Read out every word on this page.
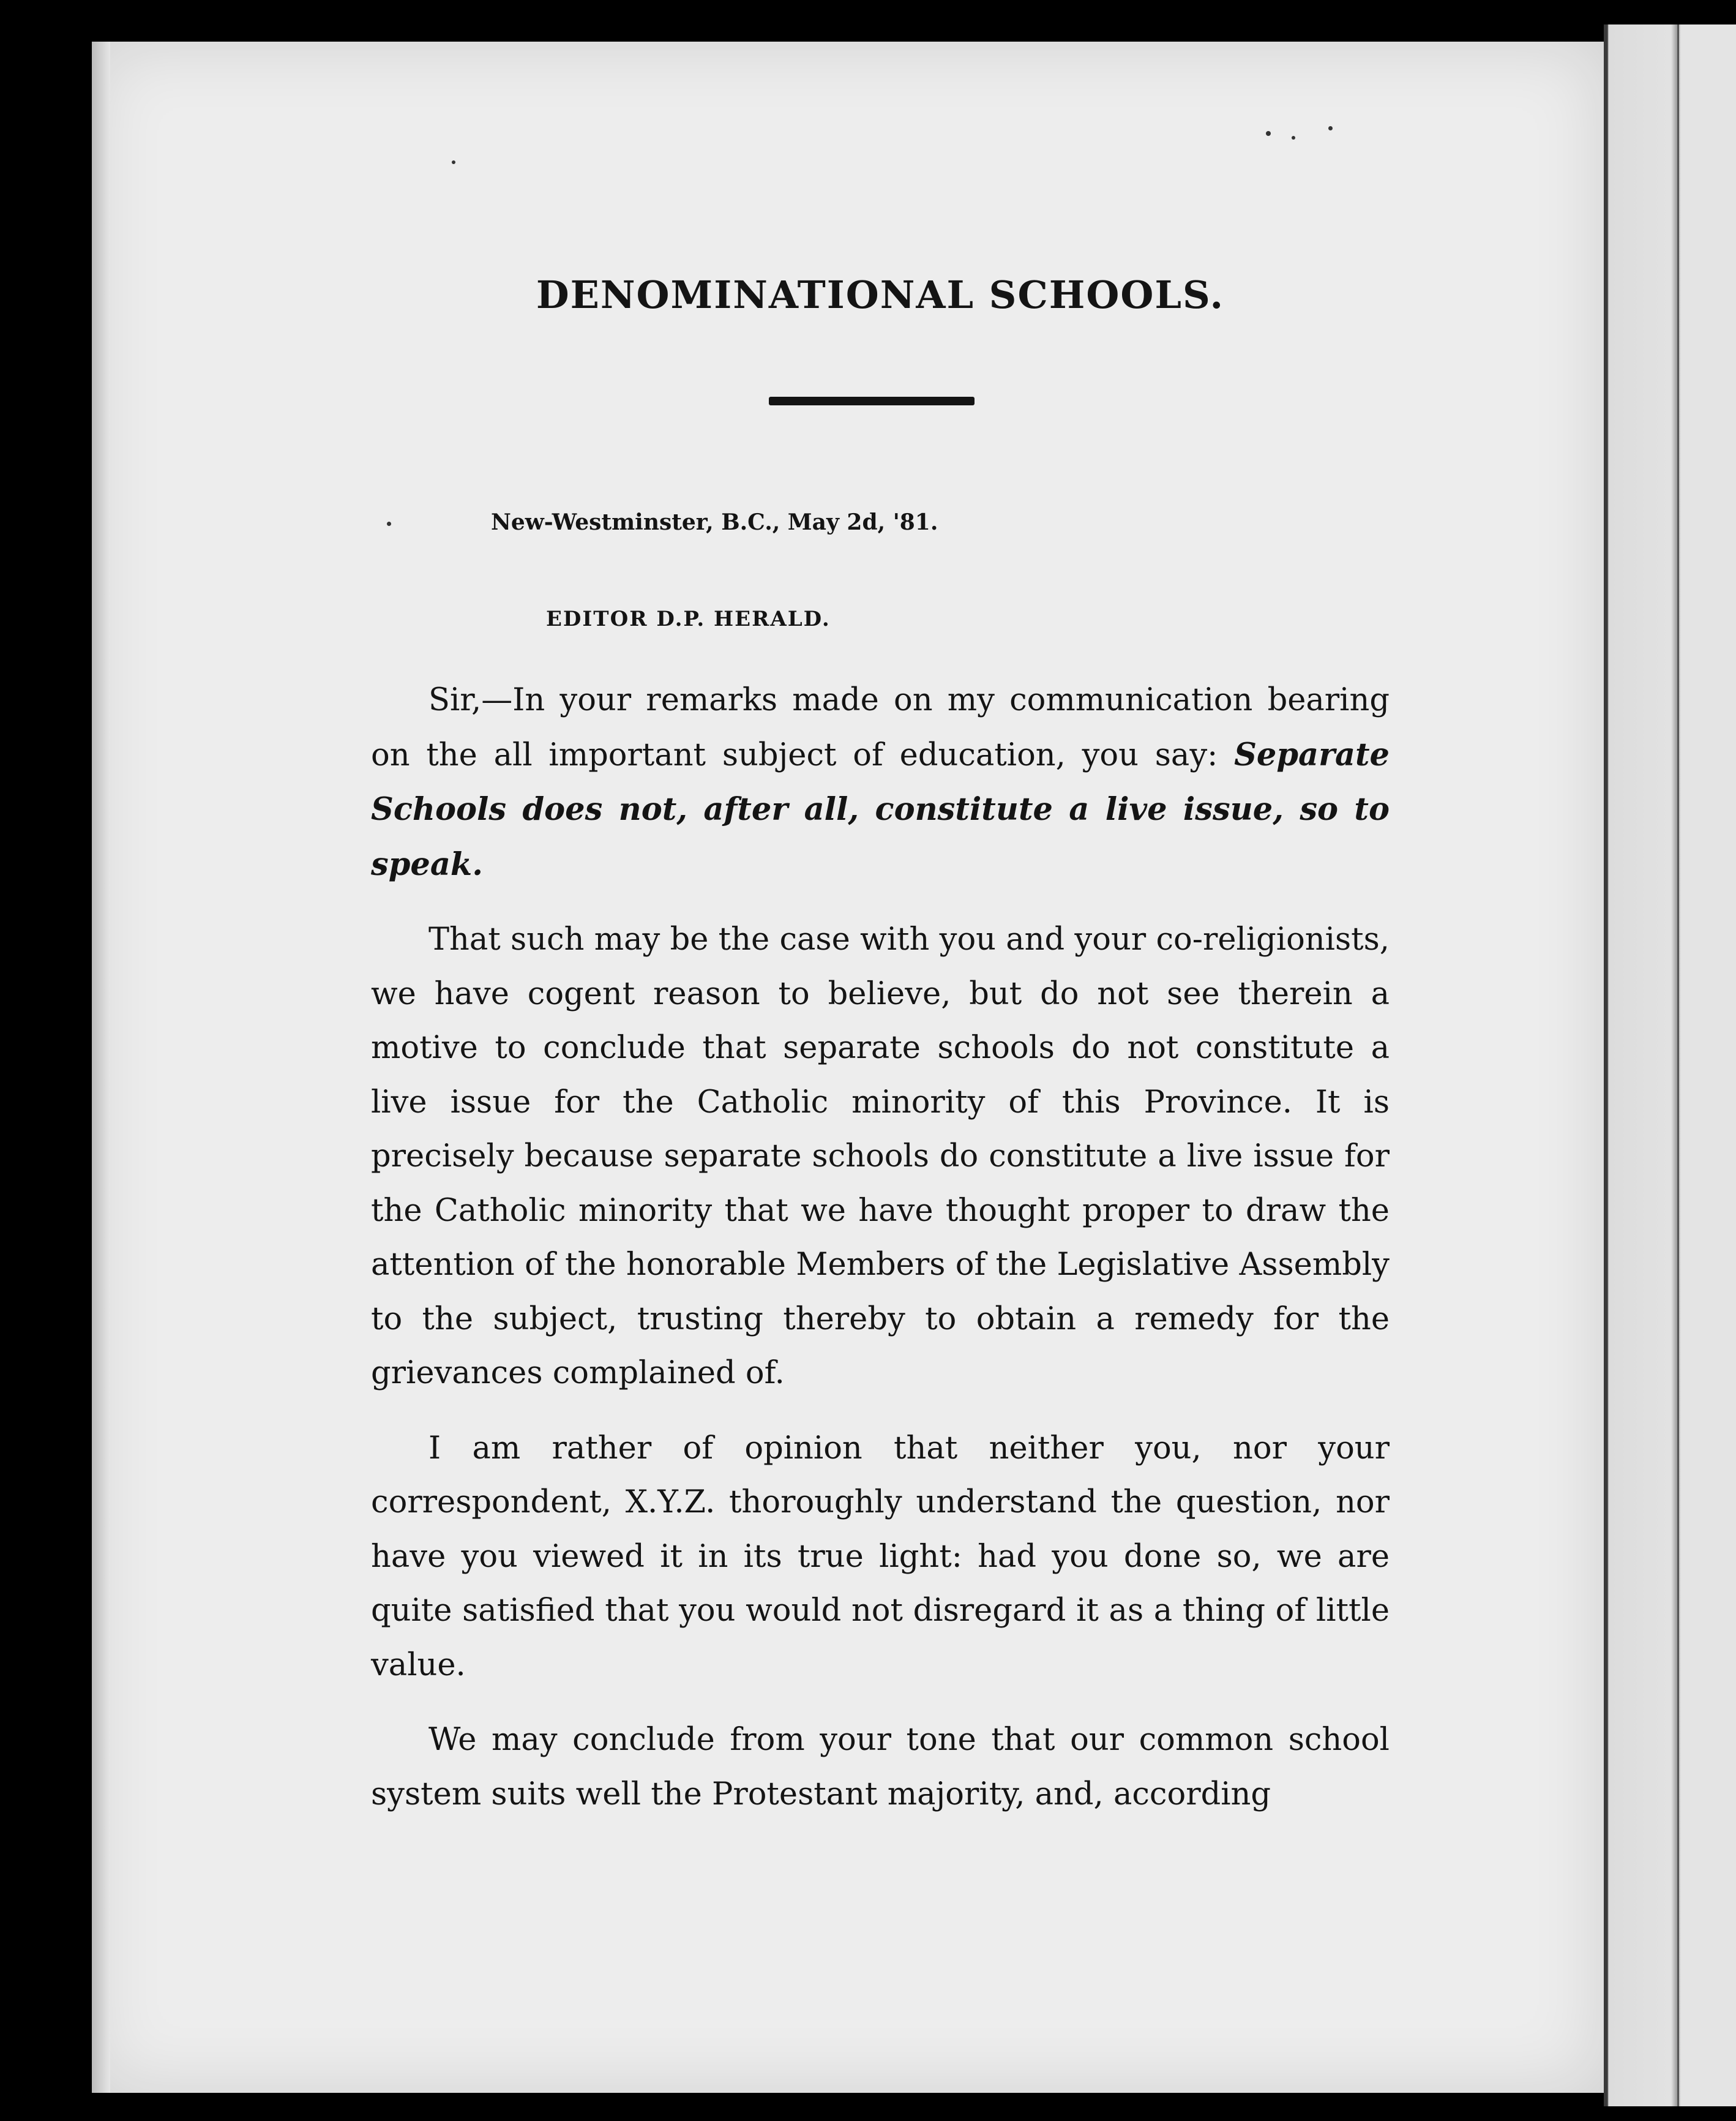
DENOMINATIONAL SCHOOLS.
New-Westminster, B.C., May 2d, '81.
EDITOR D.P. HERALD.

Sir,—In your remarks made on my communication bearing on the all important subject of education, you say: Separate Schools does not, after all, constitute a live issue, so to speak.

That such may be the case with you and your co-religionists, we have cogent reason to believe, but do not see therein a motive to conclude that separate schools do not constitute a live issue for the Catholic minority of this Province. It is precisely because separate schools do constitute a live issue for the Catholic minority that we have thought proper to draw the attention of the honorable Members of the Legislative Assembly to the subject, trusting thereby to obtain a remedy for the grievances complained of.

I am rather of opinion that neither you, nor your correspondent, X.Y.Z. thoroughly understand the question, nor have you viewed it in its true light: had you done so, we are quite satisfied that you would not disregard it as a thing of little value.

We may conclude from your tone that our common school system suits well the Protestant majority, and, according
